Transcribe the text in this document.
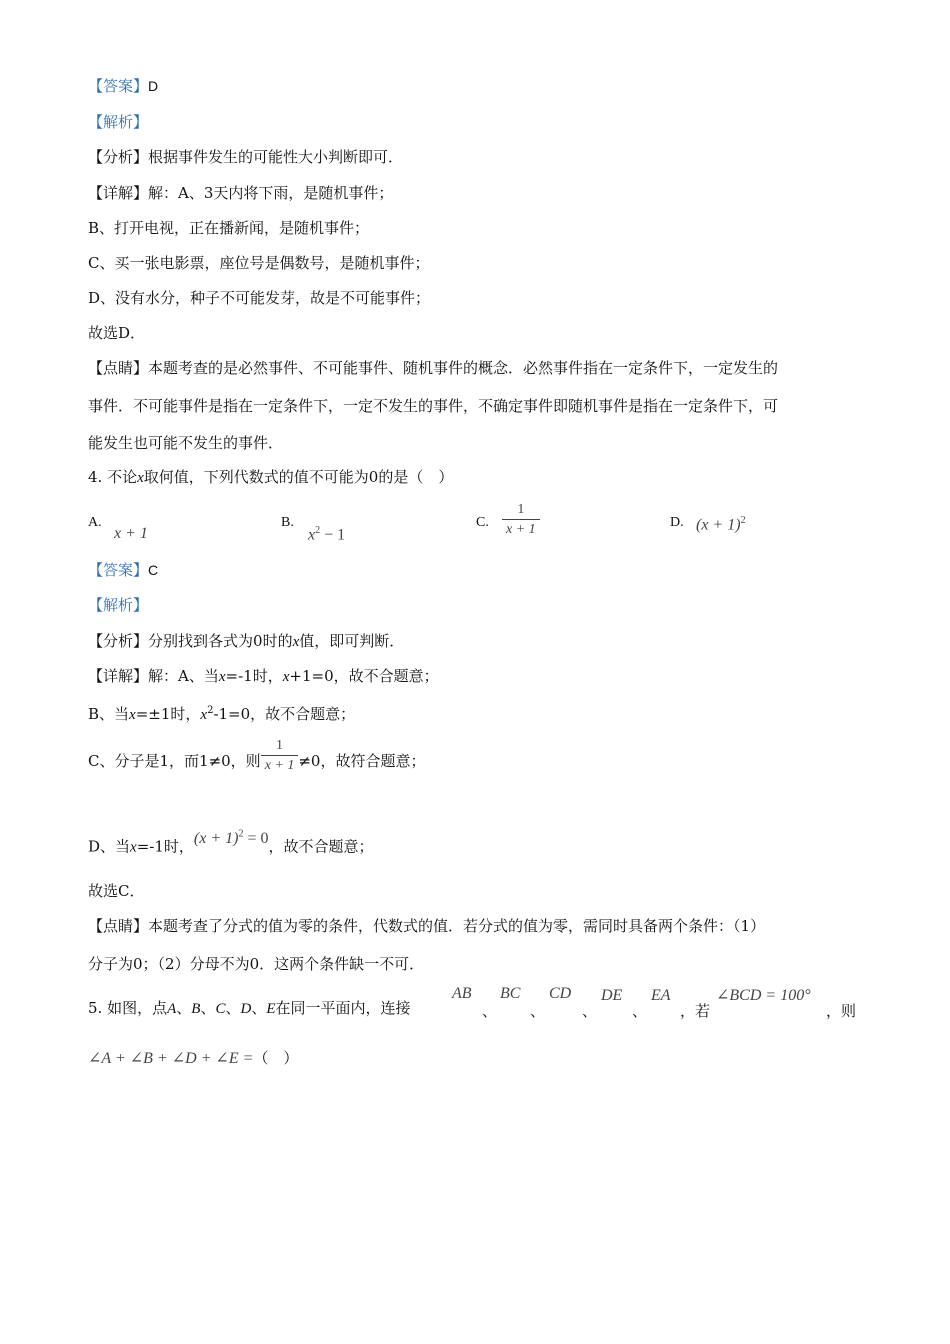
【答案】D
【解析】
【分析】根据事件发生的可能性大小判断即可．
【详解】解：A、3天内将下雨，是随机事件；
B、打开电视，正在播新闻，是随机事件；
C、买一张电影票，座位号是偶数号，是随机事件；
D、没有水分，种子不可能发芽，故是不可能事件；
故选D．
【点睛】本题考查的是必然事件、不可能事件、随机事件的概念．必然事件指在一定条件下，一定发生的
事件．不可能事件是指在一定条件下，一定不发生的事件，不确定事件即随机事件是指在一定条件下，可
能发生也可能不发生的事件．
4. 不论x取何值，下列代数式的值不可能为0的是（　）
A.
x + 1
B.
$x^2 - 1$
C. $\frac{1}{x + 1}$	D. $(x + 1)^2$
【答案】C
【解析】
【分析】分别找到各式为0时的x值，即可判断．
【详解】解：A、当x=-1时，x+1=0，故不合题意；
B、当x=±1时，$x^2-1=0$，故不合题意；
C、分子是1，而1≠0，则 $\frac{1}{x + 1} \ne 0$，故符合题意；
D、当x=-1时，$(x + 1)^2 = 0$，故不合题意；
故选C．
【点睛】本题考查了分式的值为零的条件，代数式的值．若分式的值为零，需同时具备两个条件：（1）
分子为0；（2）分母不为0．这两个条件缺一不可．
5. 如图，点A、B、C、D、E在同一平面内，连接
AB
、
BC
、
CD
、
DE
、
EA
，若
∠BCD = 100°
，则
∠A + ∠B + ∠D + ∠E =（　）
